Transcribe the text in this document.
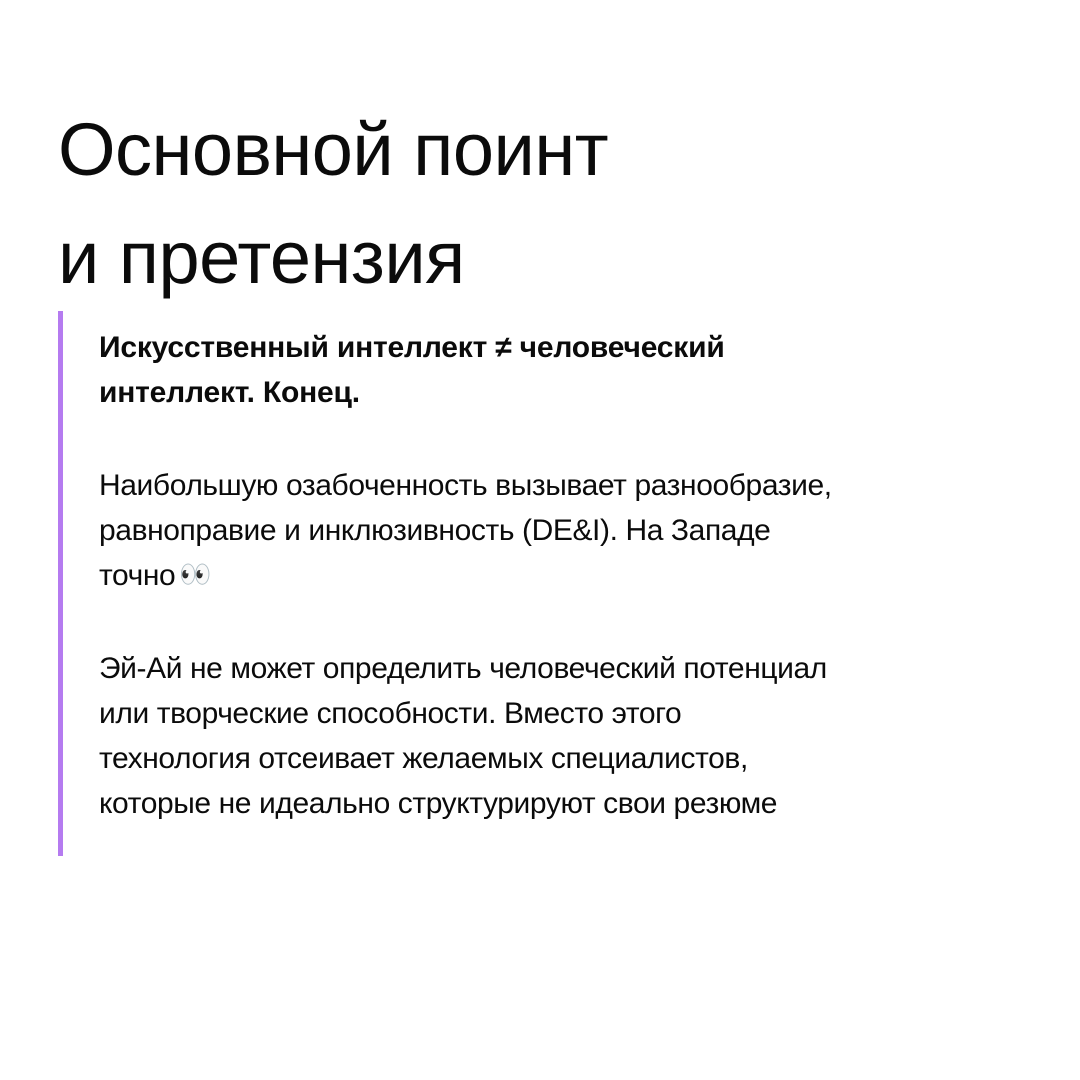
Основной поинт
и претензия

Искусственный интеллект ≠ человеческий
интеллект. Конец.

Наибольшую озабоченность вызывает разнообразие,
равноправие и инклюзивность (DE&I). На Западе
точно 👀

Эй-Ай не может определить человеческий потенциал
или творческие способности. Вместо этого
технология отсеивает желаемых специалистов,
которые не идеально структурируют свои резюме
